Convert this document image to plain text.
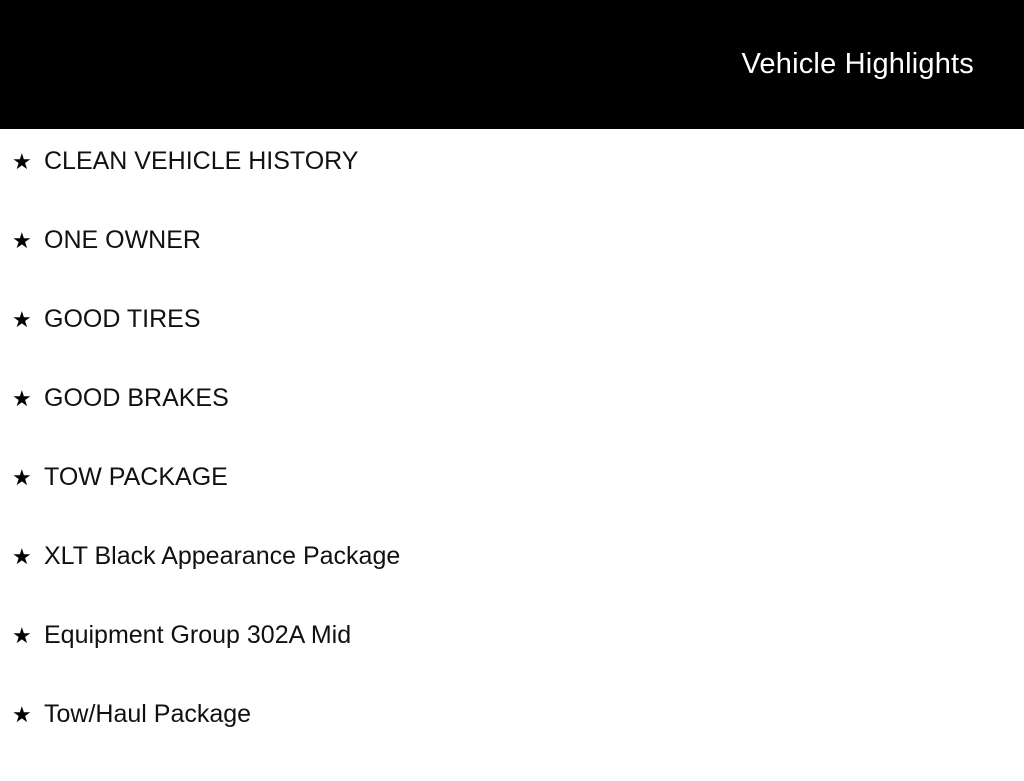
Vehicle Highlights
★ CLEAN VEHICLE HISTORY
★ ONE OWNER
★ GOOD TIRES
★ GOOD BRAKES
★ TOW PACKAGE
★ XLT Black Appearance Package
★ Equipment Group 302A Mid
★ Tow/Haul Package
